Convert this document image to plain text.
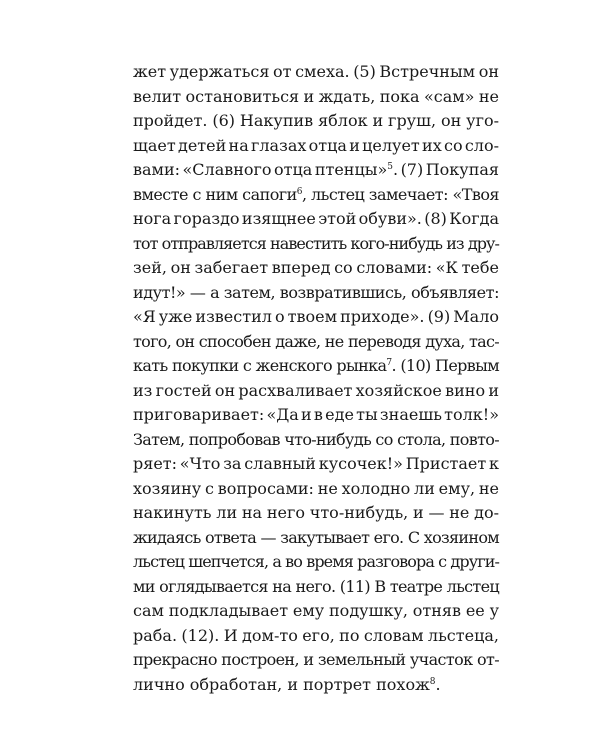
жет удержаться от смеха. (5) Встречным он
велит остановиться и ждать, пока «сам» не
пройдет. (6) Накупив яблок и груш, он уго-
щает детей на глазах отца и целует их со сло-
вами: «Славного отца птенцы»$^5$. (7) Покупая
вместе с ним сапоги$^6$, льстец замечает: «Твоя
нога гораздо изящнее этой обуви». (8) Когда
тот отправляется навестить кого-нибудь из дру-
зей, он забегает вперед со словами: «К тебе
идут!» — а затем, возвратившись, объявляет:
«Я уже известил о твоем приходе». (9) Мало
того, он способен даже, не переводя духа, тас-
кать покупки с женского рынка$^7$. (10) Первым
из гостей он расхваливает хозяйское вино и
приговаривает: «Да и в еде ты знаешь толк!»
Затем, попробовав что-нибудь со стола, повто-
ряет: «Что за славный кусочек!» Пристает к
хозяину с вопросами: не холодно ли ему, не
накинуть ли на него что-нибудь, и — не до-
жидаясь ответа — закутывает его. С хозяином
льстец шепчется, а во время разговора с други-
ми оглядывается на него. (11) В театре льстец
сам подкладывает ему подушку, отняв ее у
раба. (12). И дом-то его, по словам льстеца,
прекрасно построен, и земельный участок от-
лично обработан, и портрет похож$^8$.
